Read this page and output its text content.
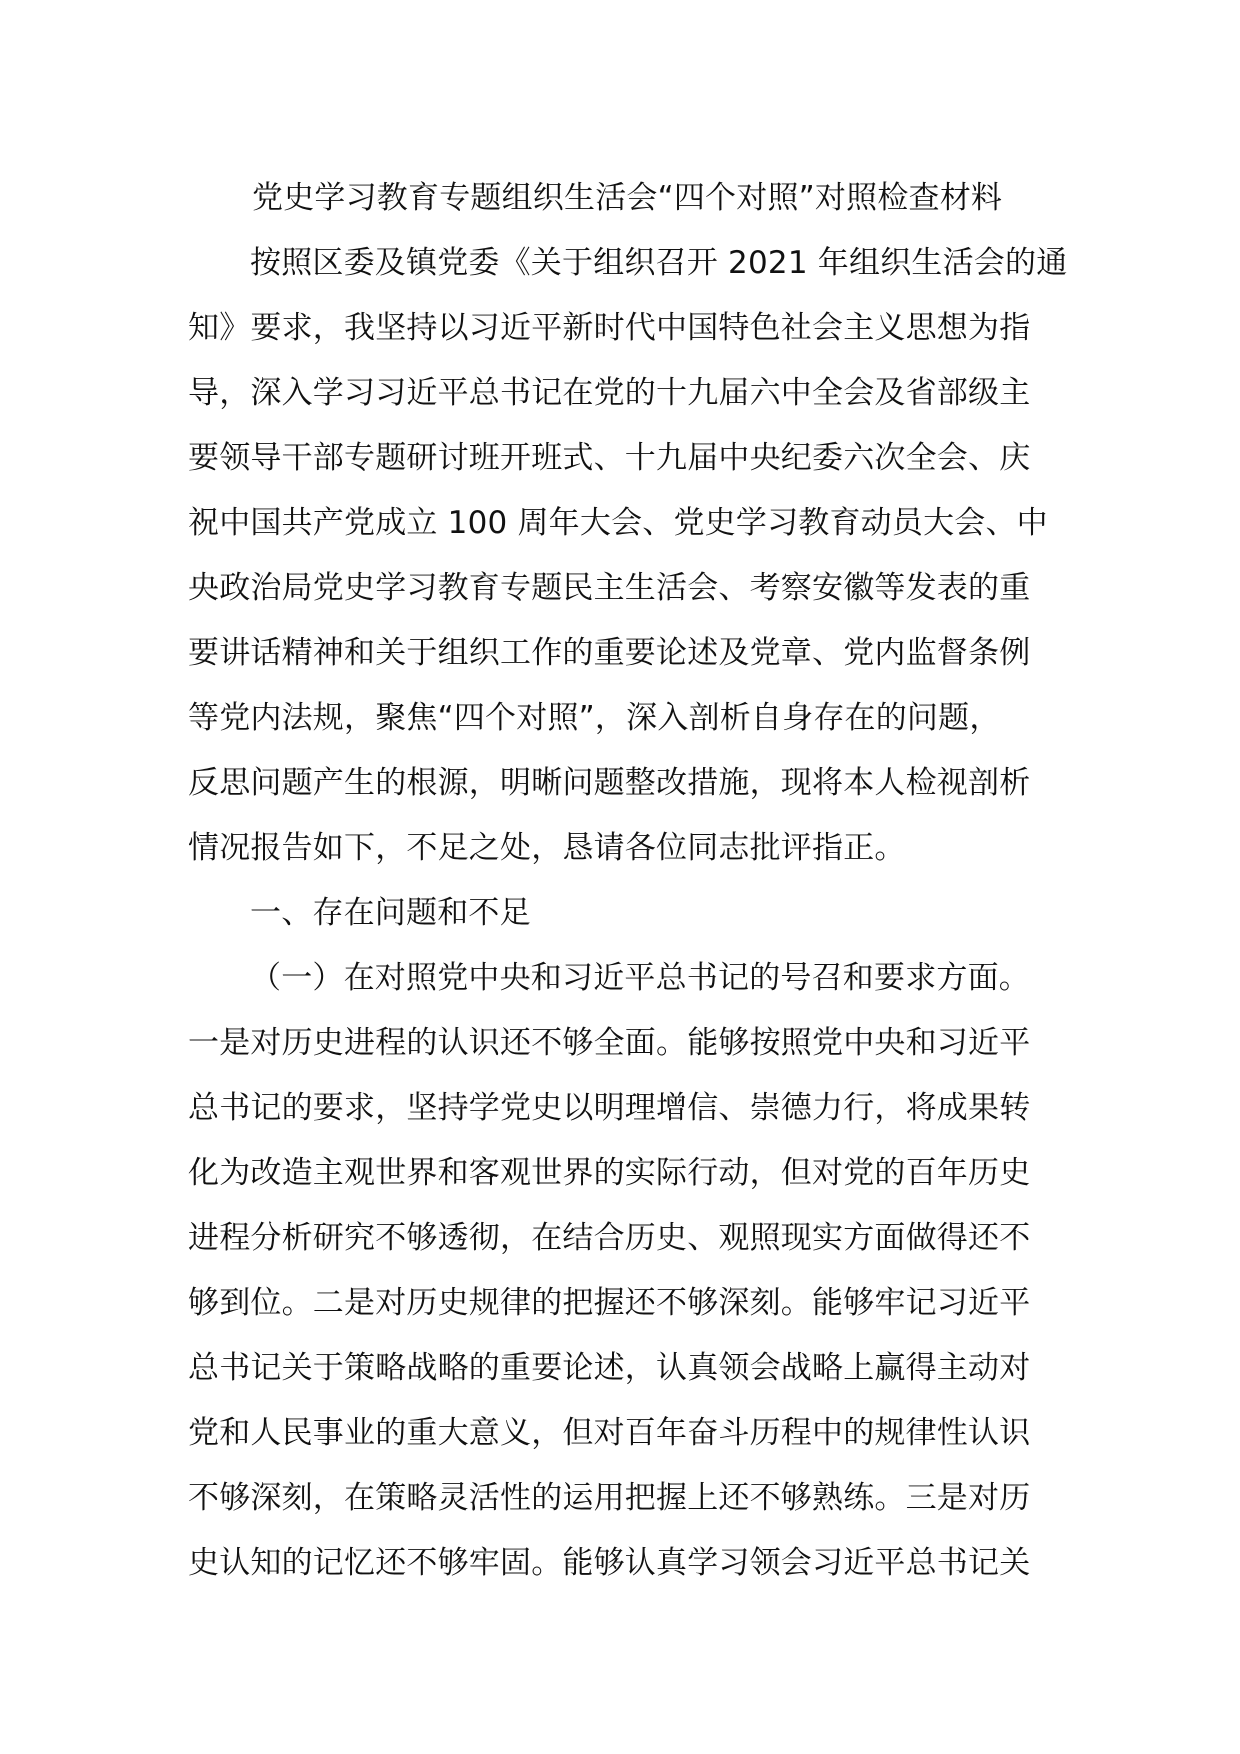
党史学习教育专题组织生活会“四个对照”对照检查材料
按照区委及镇党委《关于组织召开 2021 年组织生活会的通
知》要求，我坚持以习近平新时代中国特色社会主义思想为指
导，深入学习习近平总书记在党的十九届六中全会及省部级主
要领导干部专题研讨班开班式、十九届中央纪委六次全会、庆
祝中国共产党成立 100 周年大会、党史学习教育动员大会、中
央政治局党史学习教育专题民主生活会、考察安徽等发表的重
要讲话精神和关于组织工作的重要论述及党章、党内监督条例
等党内法规，聚焦“四个对照”，深入剖析自身存在的问题，
反思问题产生的根源，明晰问题整改措施，现将本人检视剖析
情况报告如下，不足之处，恳请各位同志批评指正。
一、存在问题和不足
（一）在对照党中央和习近平总书记的号召和要求方面。
一是对历史进程的认识还不够全面。能够按照党中央和习近平
总书记的要求，坚持学党史以明理增信、崇德力行，将成果转
化为改造主观世界和客观世界的实际行动，但对党的百年历史
进程分析研究不够透彻，在结合历史、观照现实方面做得还不
够到位。二是对历史规律的把握还不够深刻。能够牢记习近平
总书记关于策略战略的重要论述，认真领会战略上赢得主动对
党和人民事业的重大意义，但对百年奋斗历程中的规律性认识
不够深刻，在策略灵活性的运用把握上还不够熟练。三是对历
史认知的记忆还不够牢固。能够认真学习领会习近平总书记关
